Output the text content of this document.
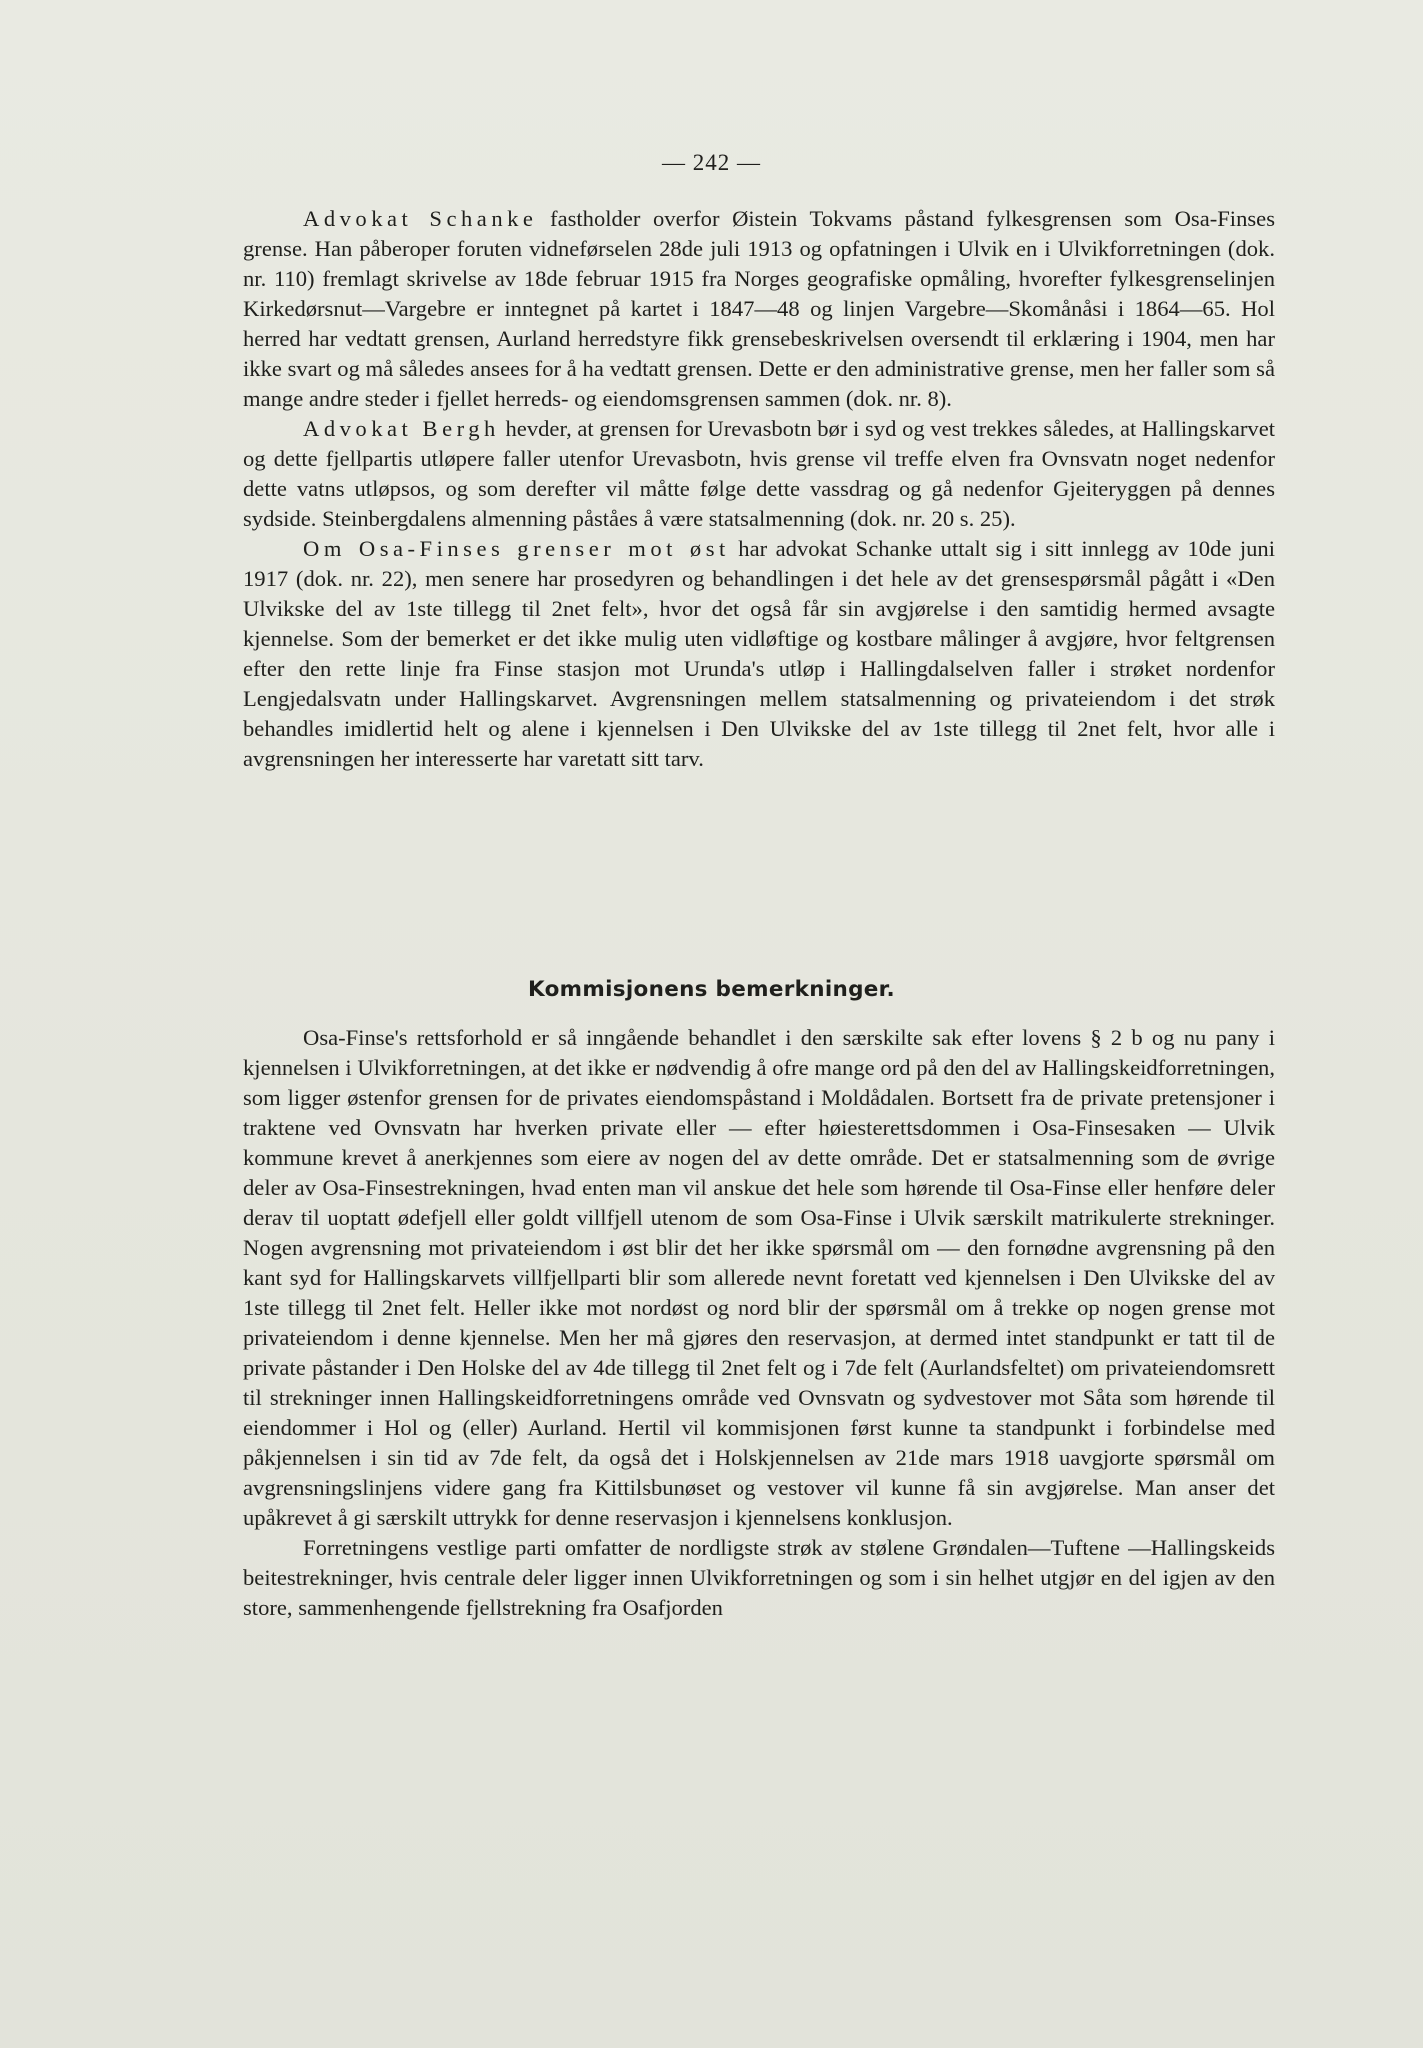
— 242 —

Advokat Schanke fastholder overfor Øistein Tokvams påstand fylkesgrensen som Osa-Finses grense. Han påberoper foruten vidneførselen 28de juli 1913 og opfatningen i Ulvik en i Ulvikforretningen (dok. nr. 110) fremlagt skrivelse av 18de februar 1915 fra Norges geografiske opmåling, hvorefter fylkesgrenselinjen Kirkedørsnut—Vargebre er inntegnet på kartet i 1847—48 og linjen Vargebre—Skomånåsi i 1864—65. Hol herred har vedtatt grensen, Aurland herredstyre fikk grensebeskrivelsen oversendt til erklæring i 1904, men har ikke svart og må således ansees for å ha vedtatt grensen. Dette er den administrative grense, men her faller som så mange andre steder i fjellet herreds- og eiendomsgrensen sammen (dok. nr. 8).

Advokat Bergh hevder, at grensen for Urevasbotn bør i syd og vest trekkes således, at Hallingskarvet og dette fjellpartis utløpere faller utenfor Urevasbotn, hvis grense vil treffe elven fra Ovnsvatn noget nedenfor dette vatns utløpsos, og som derefter vil måtte følge dette vassdrag og gå nedenfor Gjeiteryggen på dennes sydside. Steinbergdalens almenning påståes å være statsalmenning (dok. nr. 20 s. 25).

Om Osa-Finses grenser mot øst har advokat Schanke uttalt sig i sitt innlegg av 10de juni 1917 (dok. nr. 22), men senere har prosedyren og behandlingen i det hele av det grensespørsmål pågått i «Den Ulvikske del av 1ste tillegg til 2net felt», hvor det også får sin avgjørelse i den samtidig hermed avsagte kjennelse. Som der bemerket er det ikke mulig uten vidløftige og kostbare målinger å avgjøre, hvor feltgrensen efter den rette linje fra Finse stasjon mot Urunda's utløp i Hallingdalselven faller i strøket nordenfor Lengjedalsvatn under Hallingskarvet. Avgrensningen mellem statsalmenning og privateiendom i det strøk behandles imidlertid helt og alene i kjennelsen i Den Ulvikske del av 1ste tillegg til 2net felt, hvor alle i avgrensningen her interesserte har varetatt sitt tarv.

Kommisjonens bemerkninger.

Osa-Finse's rettsforhold er så inngående behandlet i den særskilte sak efter lovens § 2 b og nu pany i kjennelsen i Ulvikforretningen, at det ikke er nødvendig å ofre mange ord på den del av Hallingskeidforretningen, som ligger østenfor grensen for de privates eiendomspåstand i Moldådalen. Bortsett fra de private pretensjoner i traktene ved Ovnsvatn har hverken private eller — efter høiesterettsdommen i Osa-Finsesaken — Ulvik kommune krevet å anerkjennes som eiere av nogen del av dette område. Det er statsalmenning som de øvrige deler av Osa-Finsestrekningen, hvad enten man vil anskue det hele som hørende til Osa-Finse eller henføre deler derav til uoptatt ødefjell eller goldt villfjell utenom de som Osa-Finse i Ulvik særskilt matrikulerte strekninger. Nogen avgrensning mot privateiendom i øst blir det her ikke spørsmål om — den fornødne avgrensning på den kant syd for Hallingskarvets villfjellparti blir som allerede nevnt foretatt ved kjennelsen i Den Ulvikske del av 1ste tillegg til 2net felt. Heller ikke mot nordøst og nord blir der spørsmål om å trekke op nogen grense mot privateiendom i denne kjennelse. Men her må gjøres den reservasjon, at dermed intet standpunkt er tatt til de private påstander i Den Holske del av 4de tillegg til 2net felt og i 7de felt (Aurlandsfeltet) om privateiendomsrett til strekninger innen Hallingskeidforretningens område ved Ovnsvatn og sydvestover mot Såta som hørende til eiendommer i Hol og (eller) Aurland. Hertil vil kommisjonen først kunne ta standpunkt i forbindelse med påkjennelsen i sin tid av 7de felt, da også det i Holskjennelsen av 21de mars 1918 uavgjorte spørsmål om avgrensningslinjens videre gang fra Kittilsbunøset og vestover vil kunne få sin avgjørelse. Man anser det upåkrevet å gi særskilt uttrykk for denne reservasjon i kjennelsens konklusjon.

Forretningens vestlige parti omfatter de nordligste strøk av stølene Grøndalen—Tuftene —Hallingskeids beitestrekninger, hvis centrale deler ligger innen Ulvikforretningen og som i sin helhet utgjør en del igjen av den store, sammenhengende fjellstrekning fra Osafjorden
